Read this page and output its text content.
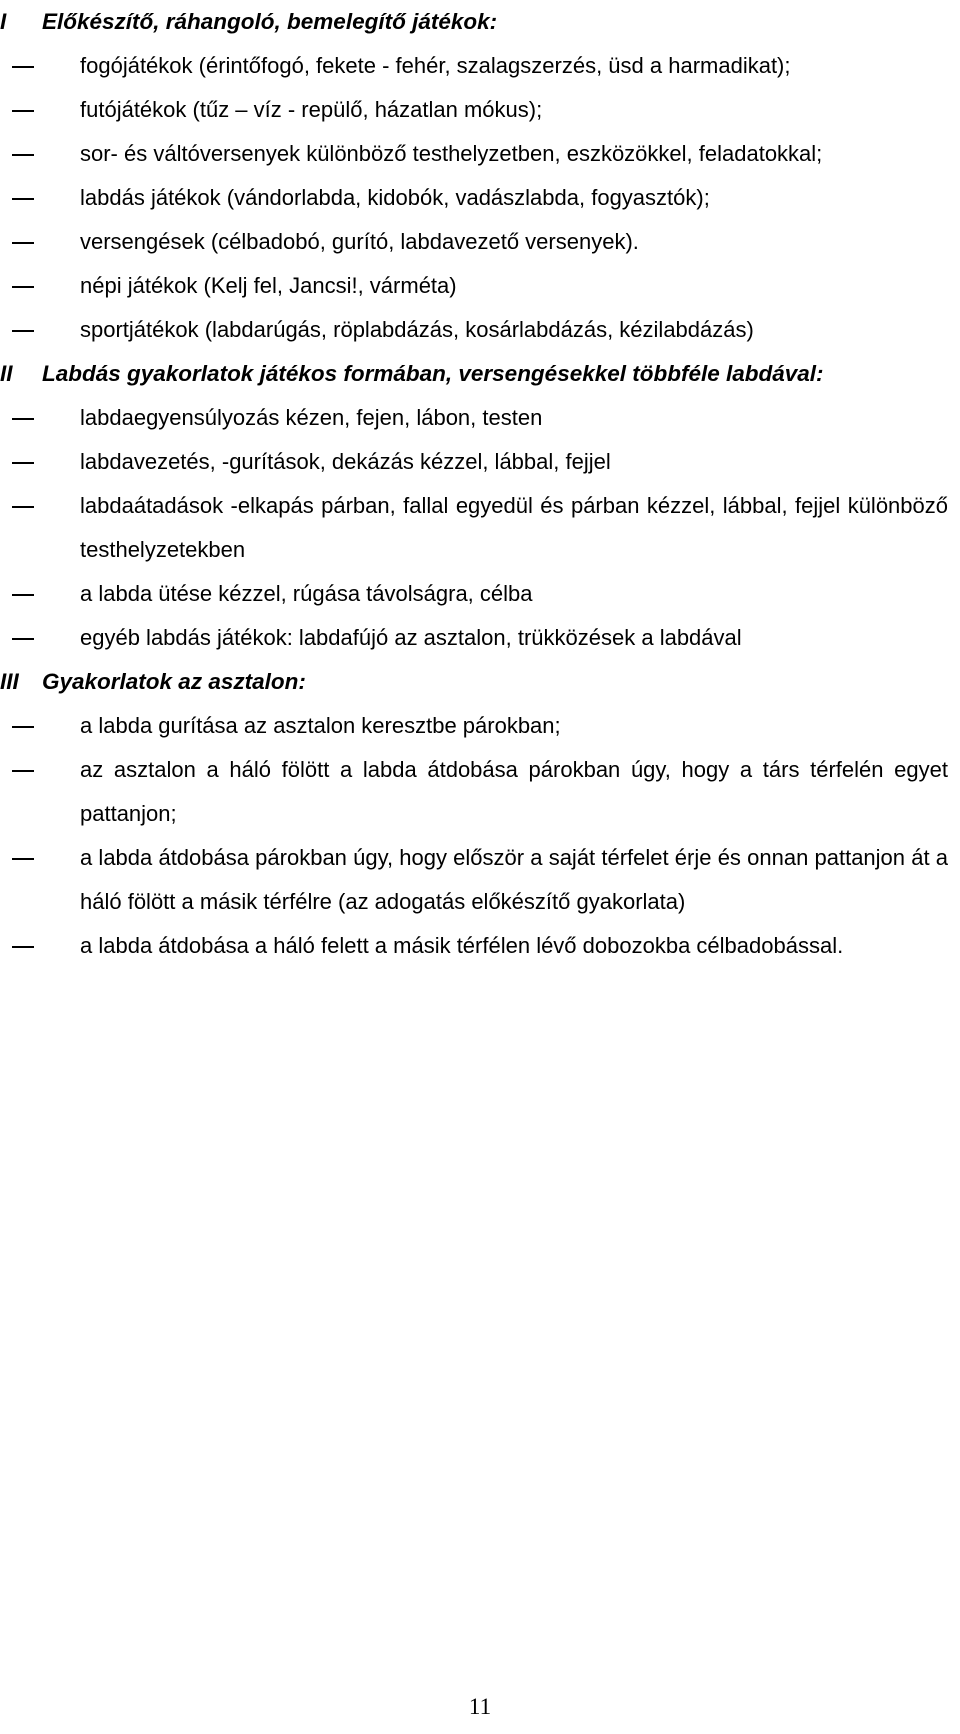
I Előkészítő, ráhangoló, bemelegítő játékok:
fogójátékok (érintőfogó, fekete - fehér, szalagszerzés, üsd a harmadikat);
futójátékok (tűz – víz - repülő, házatlan mókus);
sor- és váltóversenyek különböző testhelyzetben, eszközökkel, feladatokkal;
labdás játékok (vándorlabda, kidobók, vadászlabda, fogyasztók);
versengések (célbadobó, gurító, labdavezető versenyek).
népi játékok (Kelj fel, Jancsi!, várméta)
sportjátékok (labdarúgás, röplabdázás, kosárlabdázás, kézilabdázás)
II Labdás gyakorlatok játékos formában, versengésekkel többféle labdával:
labdaegyensúlyozás kézen, fejen, lábon, testen
labdavezetés, -gurítások, dekázás kézzel, lábbal, fejjel
labdaátadások -elkapás párban, fallal egyedül és párban kézzel, lábbal, fejjel különböző testhelyzetekben
a labda ütése kézzel, rúgása távolságra, célba
egyéb labdás játékok: labdafújó az asztalon, trükközések a labdával
III Gyakorlatok az asztalon:
a labda gurítása az asztalon keresztbe párokban;
az asztalon a háló fölött a labda átdobása párokban úgy, hogy a társ térfelén egyet pattanjon;
a labda átdobása párokban úgy, hogy először a saját térfelet érje és onnan pattanjon át a háló fölött a másik térfélre (az adogatás előkészítő gyakorlata)
a labda átdobása a háló felett a másik térfélen lévő dobozokba célbadobással.
11
